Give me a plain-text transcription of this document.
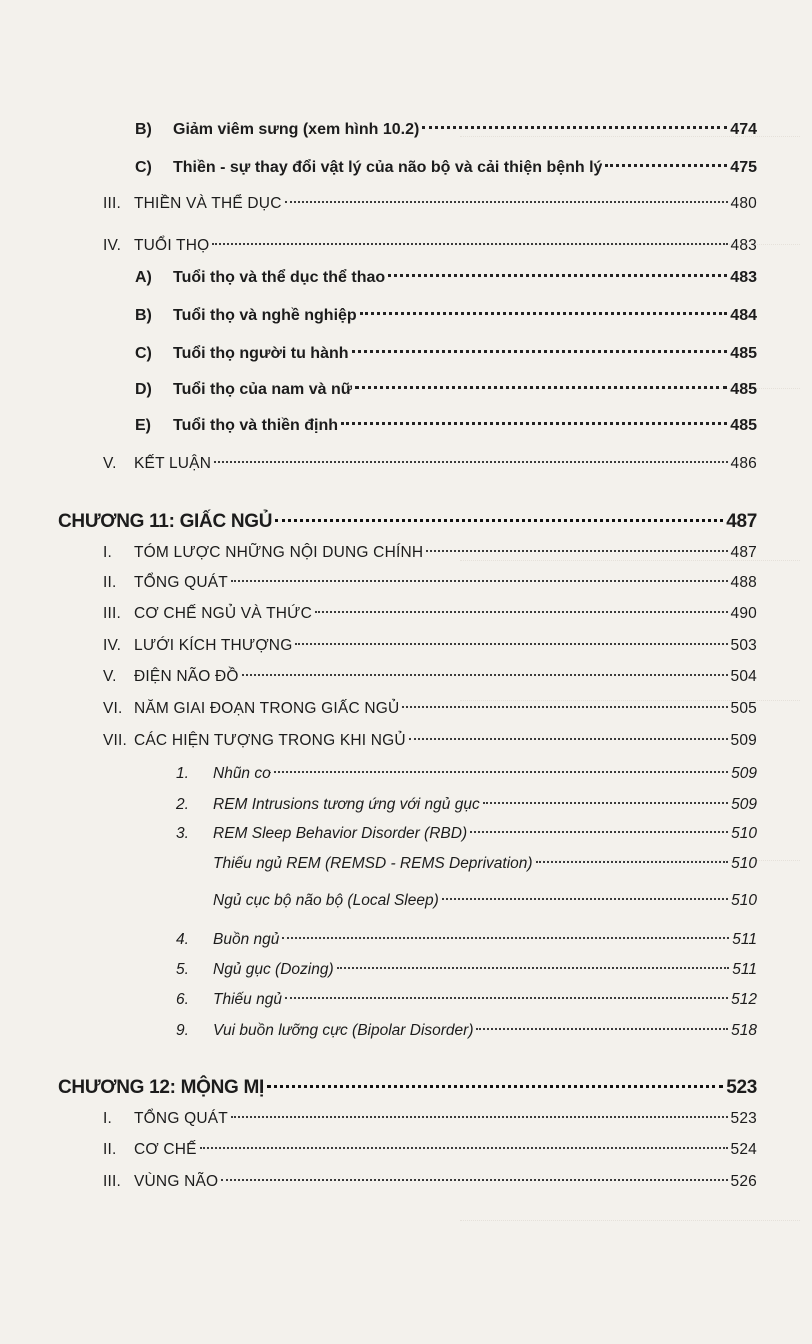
B)	Giảm viêm sưng (xem hình 10.2)	474
C)	Thiền - sự thay đổi vật lý của não bộ và cải thiện bệnh lý	475
III. THIỀN VÀ THỂ DỤC	480
IV. TUỔI THỌ	483
A)	Tuổi thọ và thể dục thể thao	483
B)	Tuổi thọ và nghề nghiệp	484
C)	Tuổi thọ người tu hành	485
D)	Tuổi thọ của nam và nữ	485
E)	Tuổi thọ và thiền định	485
V.	KẾT LUẬN	486
CHƯƠNG 11: GIẤC NGỦ	487
I.	TÓM LƯỢC NHỮNG NỘI DUNG CHÍNH	487
II.	TỔNG QUÁT	488
III. CƠ CHẾ NGỦ VÀ THỨC	490
IV. LƯỚI KÍCH THƯỢNG	503
V.	ĐIỆN NÃO ĐỒ	504
VI. NĂM GIAI ĐOẠN TRONG GIẤC NGỦ	505
VII. CÁC HIỆN TƯỢNG TRONG KHI NGỦ	509
1.	Nhũn cơ	509
2.	REM Intrusions tương ứng với ngủ gục	509
3.	REM Sleep Behavior Disorder (RBD)	510
Thiếu ngủ REM (REMSD - REMS Deprivation)	510
Ngủ cục bộ não bộ (Local Sleep)	510
4.	Buồn ngủ	511
5.	Ngủ gục (Dozing)	511
6.	Thiếu ngủ	512
9.	Vui buồn lưỡng cực (Bipolar Disorder)	518
CHƯƠNG 12: MỘNG MỊ	523
I.	TỔNG QUÁT	523
II.	CƠ CHẾ	524
III. VÙNG NÃO	526
